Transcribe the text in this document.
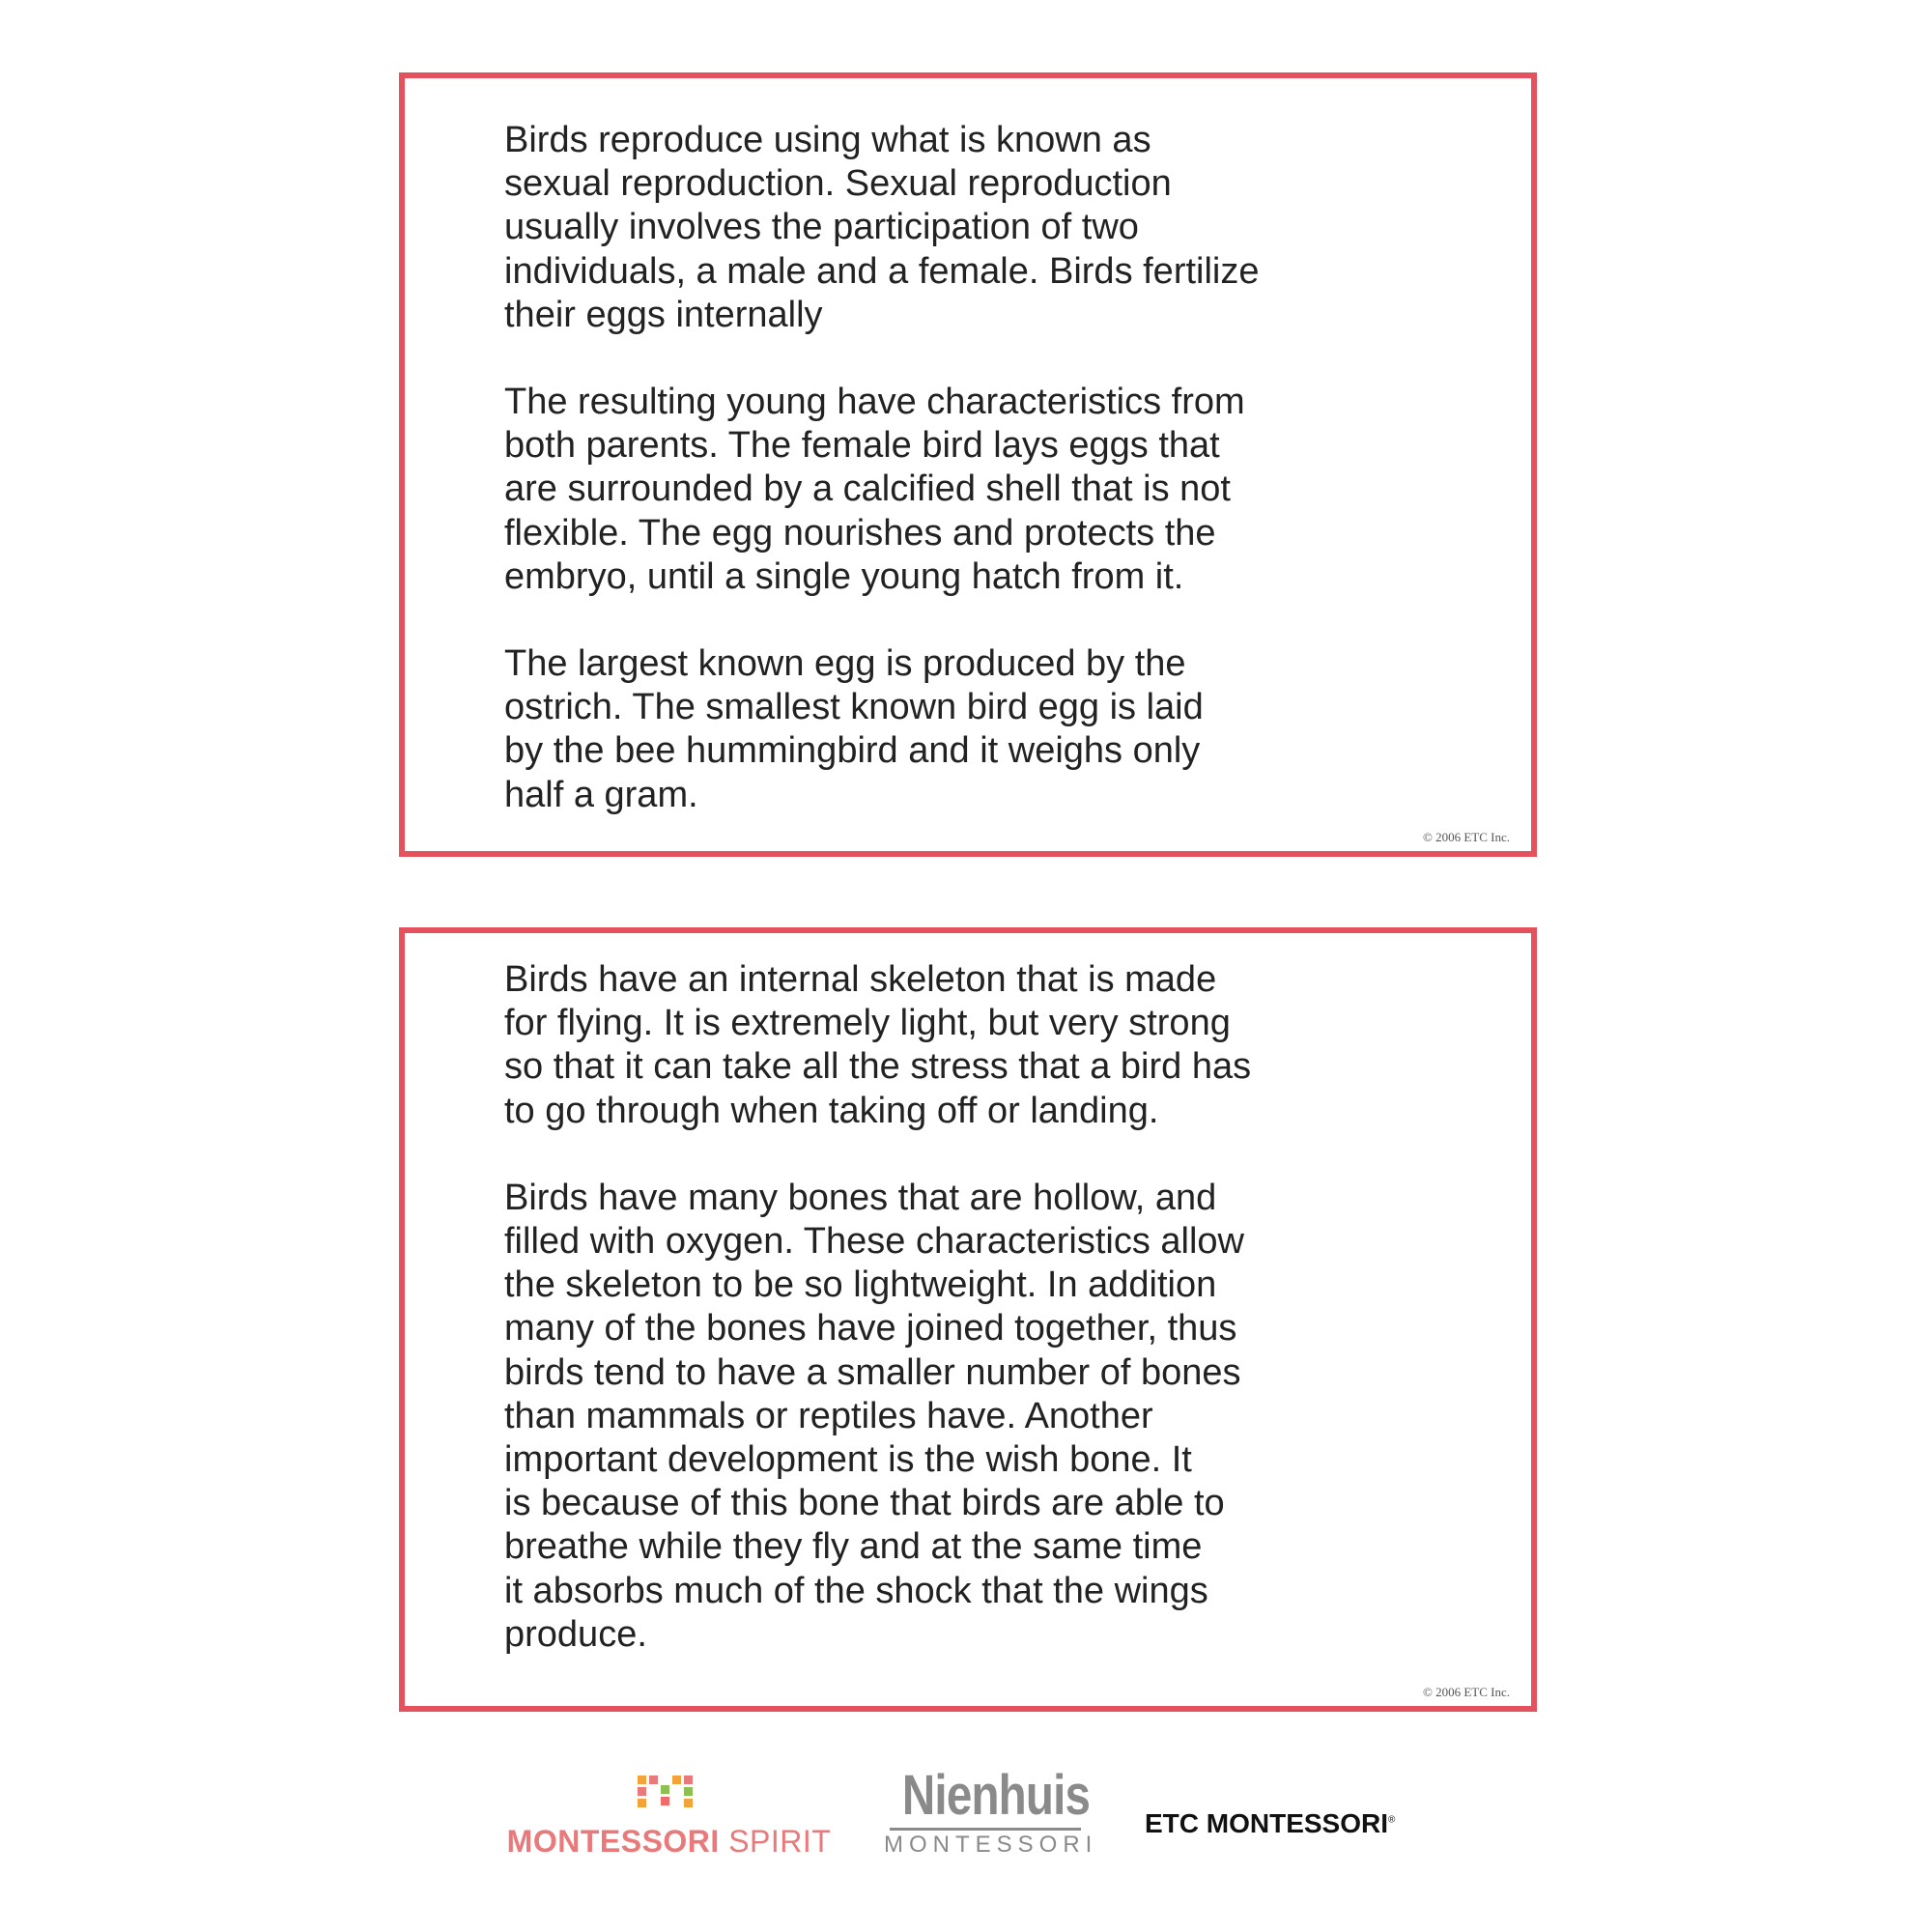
Birds reproduce using what is known as
sexual reproduction. Sexual reproduction
usually involves the participation of two
individuals, a male and a female. Birds fertilize
their eggs internally

The resulting young have characteristics from
both parents. The female bird lays eggs that
are surrounded by a calcified shell that is not
flexible. The egg nourishes and protects the
embryo, until a single young hatch from it.

The largest known egg is produced by the
ostrich. The smallest known bird egg is laid
by the bee hummingbird and it weighs only
half a gram.

© 2006 ETC Inc.

Birds have an internal skeleton that is made
for flying. It is extremely light, but very strong
so that it can take all the stress that a bird has
to go through when taking off or landing.

Birds have many bones that are hollow, and
filled with oxygen. These characteristics allow
the skeleton to be so lightweight. In addition
many of the bones have joined together, thus
birds tend to have a smaller number of bones
than mammals or reptiles have. Another
important development is the wish bone. It
is because of this bone that birds are able to
breathe while they fly and at the same time
it absorbs much of the shock that the wings
produce.

© 2006 ETC Inc.
MONTESSORI SPIRIT
Nienhuis
MONTESSORI
ETC MONTESSORI®
